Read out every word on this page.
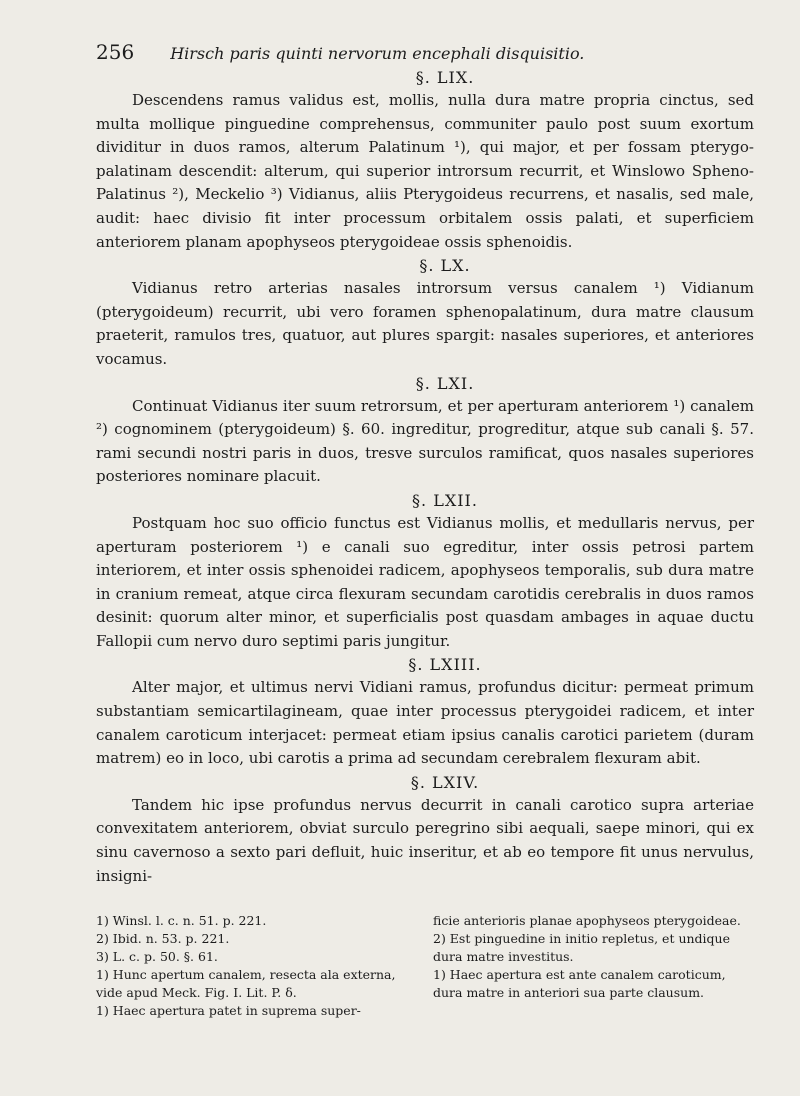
256 Hirsch paris quinti nervorum encephali disquisitio.
§. LIX.

Descendens ramus validus est, mollis, nulla dura matre propria cinctus, sed multa mollique pinguedine comprehensus, communiter paulo post suum exortum dividitur in duos ramos, alterum Palatinum ¹), qui major, et per fossam pterygo-palatinam descendit: alterum, qui superior introrsum recurrit, et Winslowo Spheno-Palatinus ²), Meckelio ³) Vidianus, aliis Pterygoideus recurrens, et nasalis, sed male, audit: haec divisio fit inter processum orbitalem ossis palati, et superficiem anteriorem planam apophyseos pterygoideae ossis sphenoidis.

§. LX.

Vidianus retro arterias nasales introrsum versus canalem ¹) Vidianum (pterygoideum) recurrit, ubi vero foramen sphenopalatinum, dura matre clausum praeterit, ramulos tres, quatuor, aut plures spargit: nasales superiores, et anteriores vocamus.

§. LXI.

Continuat Vidianus iter suum retrorsum, et per aperturam anteriorem ¹) canalem ²) cognominem (pterygoideum) §. 60. ingreditur, progreditur, atque sub canali §. 57. rami secundi nostri paris in duos, tresve surculos ramificat, quos nasales superiores posteriores nominare placuit.

§. LXII.

Postquam hoc suo officio functus est Vidianus mollis, et medullaris nervus, per aperturam posteriorem ¹) e canali suo egreditur, inter ossis petrosi partem interiorem, et inter ossis sphenoidei radicem, apophyseos temporalis, sub dura matre in cranium remeat, atque circa flexuram secundam carotidis cerebralis in duos ramos desinit: quorum alter minor, et superficialis post quasdam ambages in aquae ductu Fallopii cum nervo duro septimi paris jungitur.

§. LXIII.

Alter major, et ultimus nervi Vidiani ramus, profundus dicitur: permeat primum substantiam semicartilagineam, quae inter processus pterygoidei radicem, et inter canalem caroticum interjacet: permeat etiam ipsius canalis carotici parietem (duram matrem) eo in loco, ubi carotis a prima ad secundam cerebralem flexuram abit.

§. LXIV.

Tandem hic ipse profundus nervus decurrit in canali carotico supra arteriae convexitatem anteriorem, obviat surculo peregrino sibi aequali, saepe minori, qui ex sinu cavernoso a sexto pari defluit, huic inseritur, et ab eo tempore fit unus nervulus, insigni-

1) Winsl. l. c. n. 51. p. 221.
2) Ibid. n. 53. p. 221.
3) L. c. p. 50. §. 61.
1) Hunc apertum canalem, resecta ala externa, vide apud Meck. Fig. I. Lit. P. δ.
1) Haec apertura patet in suprema super-
ficie anterioris planae apophyseos pterygoideae.
2) Est pinguedine in initio repletus, et undique dura matre investitus.
1) Haec apertura est ante canalem caroticum, dura matre in anteriori sua parte clausum.
